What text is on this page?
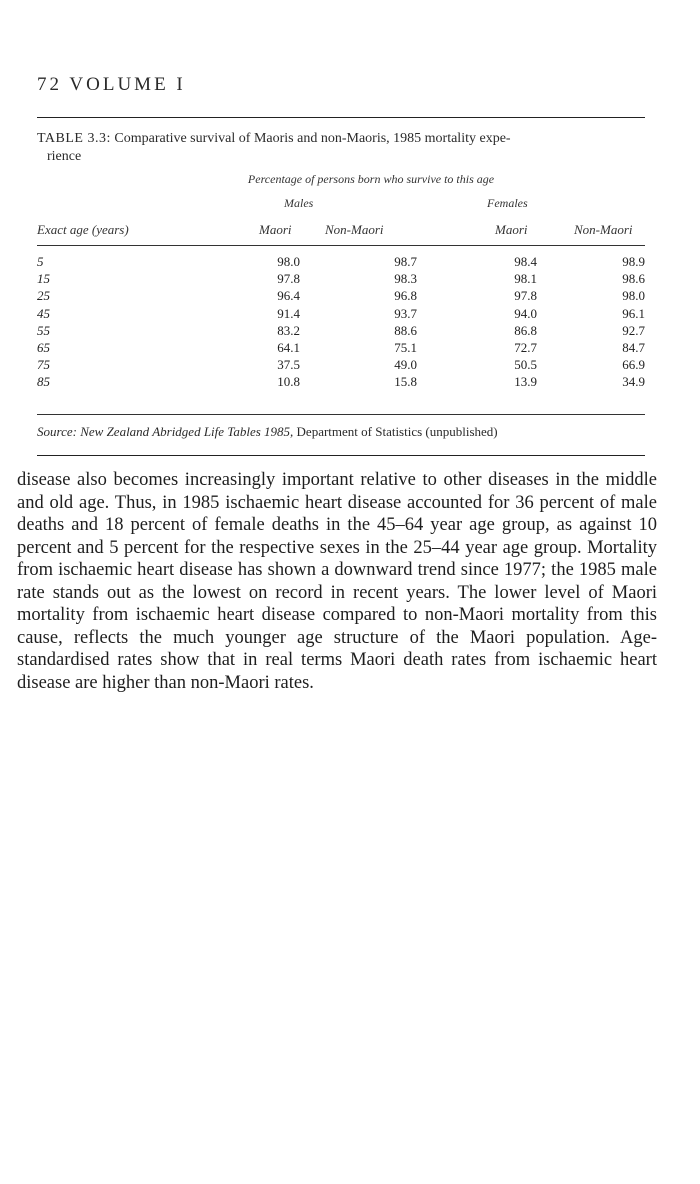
72 VOLUME I
TABLE 3.3: Comparative survival of Maoris and non-Maoris, 1985 mortality expe-
rience
Percentage of persons born who survive to this age
Males	Females
Exact age (years)	Maori	Non-Maori	Maori	Non-Maori
5	98.0	98.7	98.4	98.9
15	97.8	98.3	98.1	98.6
25	96.4	96.8	97.8	98.0
45	91.4	93.7	94.0	96.1
55	83.2	88.6	86.8	92.7
65	64.1	75.1	72.7	84.7
75	37.5	49.0	50.5	66.9
85	10.8	15.8	13.9	34.9
Source: New Zealand Abridged Life Tables 1985, Department of Statistics (unpublished)
disease also becomes increasingly important relative to other diseases in the middle and old age. Thus, in 1985 ischaemic heart disease accounted for 36 percent of male deaths and 18 percent of female deaths in the 45–64 year age group, as against 10 percent and 5 percent for the respective sexes in the 25–44 year age group. Mortality from ischaemic heart disease has shown a downward trend since 1977; the 1985 male rate stands out as the lowest on record in recent years. The lower level of Maori mortality from ischaemic heart disease compared to non-Maori mortality from this cause, reflects the much younger age structure of the Maori population. Age-standardised rates show that in real terms Maori death rates from ischaemic heart disease are higher than non-Maori rates.
